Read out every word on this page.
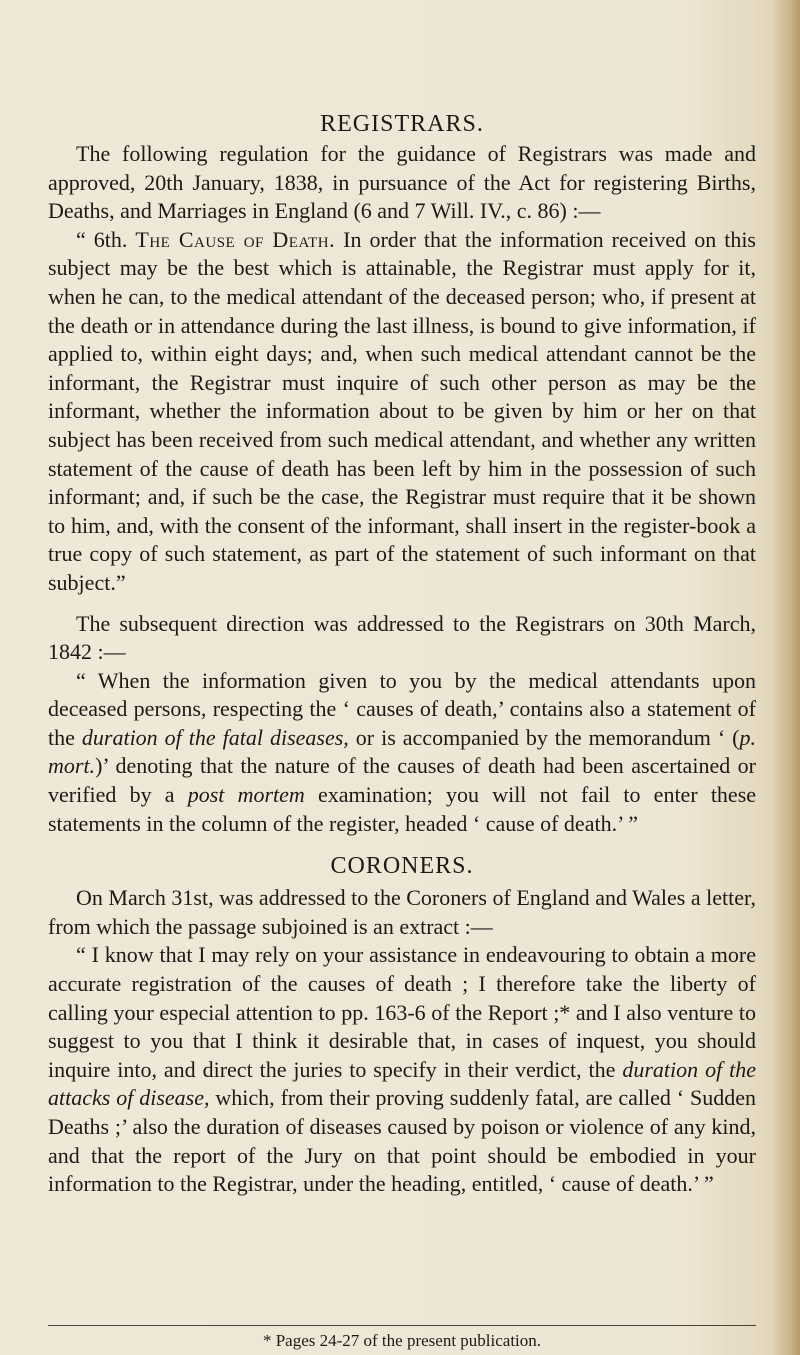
REGISTRARS.

The following regulation for the guidance of Registrars was made and approved, 20th January, 1838, in pursuance of the Act for registering Births, Deaths, and Marriages in England (6 and 7 Will. IV., c. 86) :—

“ 6th. The Cause of Death. In order that the information received on this subject may be the best which is attainable, the Registrar must apply for it, when he can, to the medical attendant of the deceased person; who, if present at the death or in attendance during the last illness, is bound to give information, if applied to, within eight days; and, when such medical attendant cannot be the informant, the Registrar must inquire of such other person as may be the informant, whether the information about to be given by him or her on that subject has been received from such medical attendant, and whether any written statement of the cause of death has been left by him in the possession of such informant; and, if such be the case, the Registrar must require that it be shown to him, and, with the consent of the informant, shall insert in the register-book a true copy of such statement, as part of the statement of such informant on that subject.”

The subsequent direction was addressed to the Registrars on 30th March, 1842 :—

“ When the information given to you by the medical attendants upon deceased persons, respecting the ‘ causes of death,’ contains also a statement of the duration of the fatal diseases, or is accompanied by the memorandum ‘ (p. mort.)’ denoting that the nature of the causes of death had been ascertained or verified by a post mortem examination; you will not fail to enter these statements in the column of the register, headed ‘ cause of death.’ ”

CORONERS.

On March 31st, was addressed to the Coroners of England and Wales a letter, from which the passage subjoined is an extract :—

“ I know that I may rely on your assistance in endeavouring to obtain a more accurate registration of the causes of death ; I therefore take the liberty of calling your especial attention to pp. 163-6 of the Report ;* and I also venture to suggest to you that I think it desirable that, in cases of inquest, you should inquire into, and direct the juries to specify in their verdict, the duration of the attacks of disease, which, from their proving suddenly fatal, are called ‘ Sudden Deaths ;’ also the duration of diseases caused by poison or violence of any kind, and that the report of the Jury on that point should be embodied in your information to the Registrar, under the heading, entitled, ‘ cause of death.’ ”

* Pages 24-27 of the present publication.
